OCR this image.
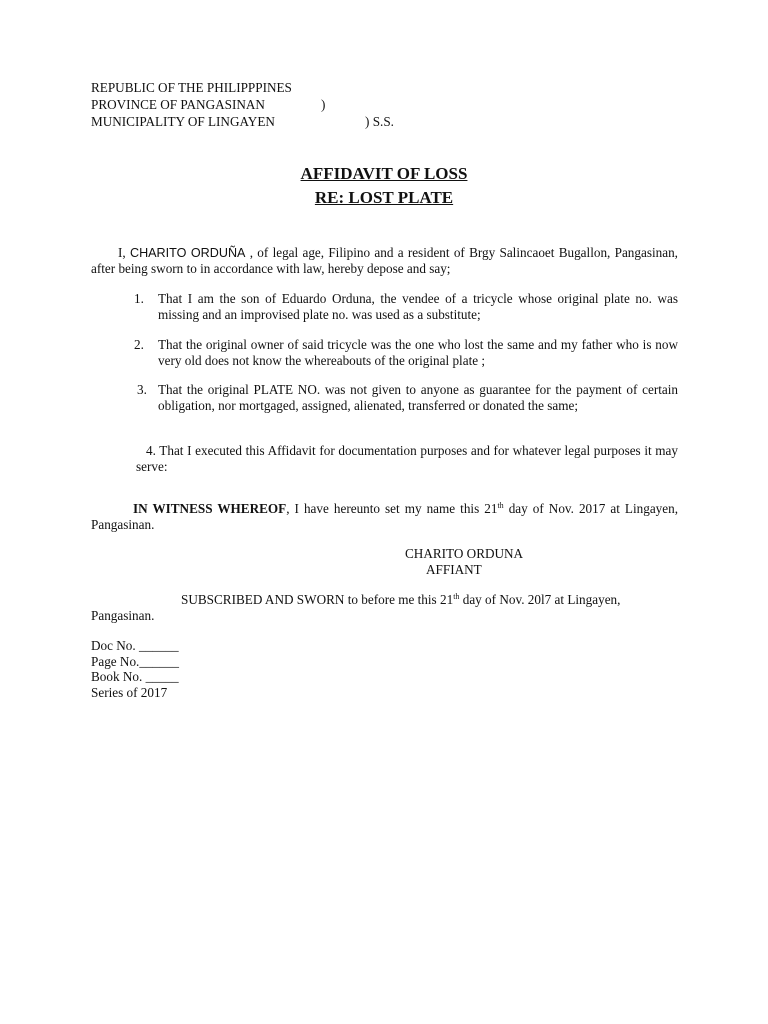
REPUBLIC OF THE PHILIPPPINES
PROVINCE OF PANGASINAN	)
MUNICIPALITY OF LINGAYEN	) S.S.
AFFIDAVIT OF LOSS
RE: LOST PLATE
I, CHARITO ORDUÑA , of legal age, Filipino and a resident of Brgy Salincaoet Bugallon, Pangasinan, after being sworn to in accordance with law, hereby depose and say;
1. That I am the son of Eduardo Orduna, the vendee of a tricycle whose original plate no. was missing and an improvised plate no. was used as a substitute;
2. That the original owner of said tricycle was the one who lost the same and my father who is now very old does not know the whereabouts of the original plate ;
3. That the original PLATE NO. was not given to anyone as guarantee for the payment of certain obligation, nor mortgaged, assigned, alienated, transferred or donated the same;
4. That I executed this Affidavit for documentation purposes and for whatever legal purposes it may serve:
IN WITNESS WHEREOF, I have hereunto set my name this 21th day of Nov. 2017 at Lingayen, Pangasinan.
CHARITO ORDUNA
AFFIANT
SUBSCRIBED AND SWORN to before me this 21th day of Nov. 20l7 at Lingayen,
Pangasinan.
Doc No. ______
Page No.______
Book No. _____
Series of 2017
